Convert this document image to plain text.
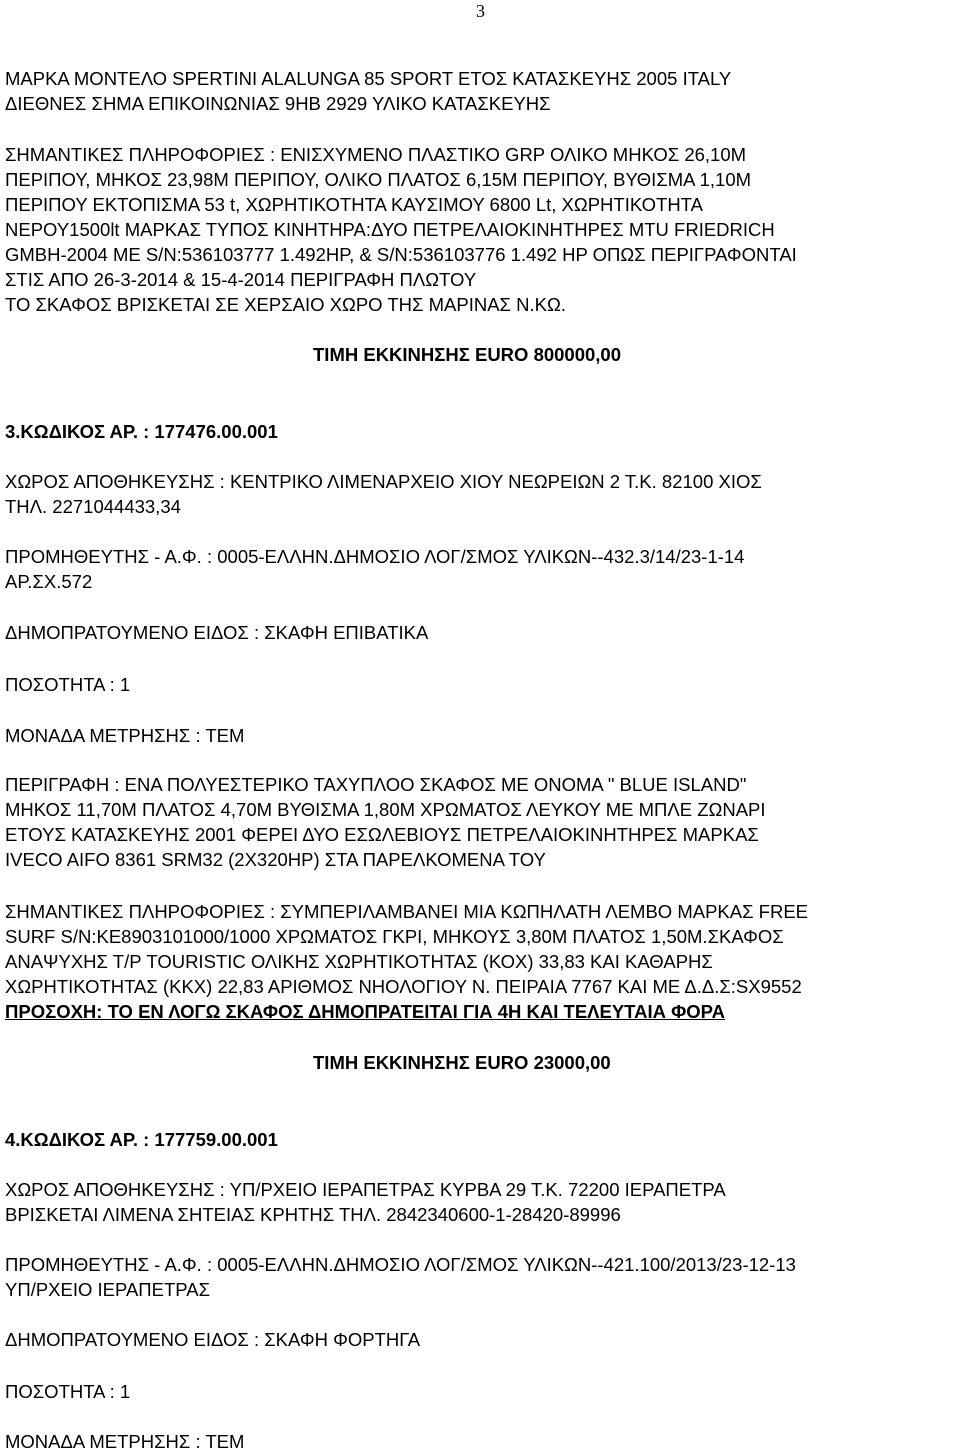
3

ΜΑΡΚΑ ΜΟΝΤΕΛΟ SPERTINI ALALUNGA 85 SPORT ΕΤΟΣ ΚΑΤΑΣΚΕΥΗΣ 2005 ITALY

ΔΙΕΘΝΕΣ ΣΗΜΑ ΕΠΙΚΟΙΝΩΝΙΑΣ 9ΗΒ 2929 ΥΛΙΚΟ ΚΑΤΑΣΚΕΥΗΣ

ΣΗΜΑΝΤΙΚΕΣ ΠΛΗΡΟΦΟΡΙΕΣ : ΕΝΙΣΧΥΜΕΝΟ ΠΛΑΣΤΙΚΟ GRP ΟΛΙΚΟ ΜΗΚΟΣ 26,10Μ

ΠΕΡΙΠΟΥ, ΜΗΚΟΣ 23,98Μ ΠΕΡΙΠΟΥ, ΟΛΙΚΟ ΠΛΑΤΟΣ 6,15Μ ΠΕΡΙΠΟΥ, ΒΥΘΙΣΜΑ 1,10Μ

ΠΕΡΙΠΟΥ ΕΚΤΟΠΙΣΜΑ 53 t, ΧΩΡΗΤΙΚΟΤΗΤΑ ΚΑΥΣΙΜΟΥ 6800 Lt, ΧΩΡΗΤΙΚΟΤΗΤΑ

ΝΕΡΟΥ1500lt ΜΑΡΚΑΣ ΤΥΠΟΣ ΚΙΝΗΤΗΡΑ:ΔΥΟ ΠΕΤΡΕΛΑΙΟΚΙΝΗΤΗΡΕΣ MTU FRIEDRICH

GMBH-2004 ΜΕ S/N:536103777 1.492HP, & S/N:536103776 1.492 HP ΟΠΩΣ ΠΕΡΙΓΡΑΦΟΝΤΑΙ

ΣΤΙΣ ΑΠΟ 26-3-2014 & 15-4-2014 ΠΕΡΙΓΡΑΦΗ ΠΛΩΤΟΥ

ΤΟ ΣΚΑΦΟΣ ΒΡΙΣΚΕΤΑΙ ΣΕ ΧΕΡΣΑΙΟ ΧΩΡΟ ΤΗΣ ΜΑΡΙΝΑΣ Ν.ΚΩ.

ΤΙΜΗ ΕΚΚΙΝΗΣΗΣ EURO 800000,00

3.ΚΩΔΙΚΟΣ ΑΡ. : 177476.00.001

ΧΩΡΟΣ ΑΠΟΘΗΚΕΥΣΗΣ : ΚΕΝΤΡΙΚΟ ΛΙΜΕΝΑΡΧΕΙΟ ΧΙΟΥ ΝΕΩΡΕΙΩΝ 2 Τ.Κ. 82100 ΧΙΟΣ

ΤΗΛ. 2271044433,34

ΠΡΟΜΗΘΕΥΤΗΣ - Α.Φ. : 0005-ΕΛΛΗΝ.ΔΗΜΟΣΙΟ ΛΟΓ/ΣΜΟΣ ΥΛΙΚΩΝ--432.3/14/23-1-14

ΑΡ.ΣΧ.572

ΔΗΜΟΠΡΑΤΟΥΜΕΝΟ ΕΙΔΟΣ : ΣΚΑΦΗ ΕΠΙΒΑΤΙΚΑ

ΠΟΣΟΤΗΤΑ : 1

ΜΟΝΑΔΑ ΜΕΤΡΗΣΗΣ : ΤΕΜ

ΠΕΡΙΓΡΑΦΗ : ΕΝΑ ΠΟΛΥΕΣΤΕΡΙΚΟ ΤΑΧΥΠΛΟΟ ΣΚΑΦΟΣ ΜΕ ΟΝΟΜΑ " BLUE ISLAND"

ΜΗΚΟΣ 11,70Μ ΠΛΑΤΟΣ 4,70Μ ΒΥΘΙΣΜΑ 1,80Μ ΧΡΩΜΑΤΟΣ ΛΕΥΚΟΥ ΜΕ ΜΠΛΕ ΖΩΝΑΡΙ

ΕΤΟΥΣ ΚΑΤΑΣΚΕΥΗΣ 2001 ΦΕΡΕΙ ΔΥΟ ΕΣΩΛΕΒΙΟΥΣ ΠΕΤΡΕΛΑΙΟΚΙΝΗΤΗΡΕΣ ΜΑΡΚΑΣ

IVECO AIFO 8361 SRM32 (2X320HP) ΣΤΑ ΠΑΡΕΛΚΟΜΕΝΑ ΤΟΥ

ΣΗΜΑΝΤΙΚΕΣ ΠΛΗΡΟΦΟΡΙΕΣ : ΣΥΜΠΕΡΙΛΑΜΒΑΝΕΙ ΜΙΑ ΚΩΠΗΛΑΤΗ ΛΕΜΒΟ ΜΑΡΚΑΣ FREE

SURF S/N:KE8903101000/1000 ΧΡΩΜΑΤΟΣ ΓΚΡΙ, ΜΗΚΟΥΣ 3,80Μ ΠΛΑΤΟΣ 1,50Μ.ΣΚΑΦΟΣ

ΑΝΑΨΥΧΗΣ Τ/Ρ TOURISTIC ΟΛΙΚΗΣ ΧΩΡΗΤΙΚΟΤΗΤΑΣ (ΚΟΧ) 33,83 ΚΑΙ ΚΑΘΑΡΗΣ

ΧΩΡΗΤΙΚΟΤΗΤΑΣ (ΚΚΧ) 22,83 ΑΡΙΘΜΟΣ ΝΗΟΛΟΓΙΟΥ Ν. ΠΕΙΡΑΙΑ 7767 ΚΑΙ ΜΕ Δ.Δ.Σ:SX9552

ΠΡΟΣΟΧΗ: ΤΟ ΕΝ ΛΟΓΩ ΣΚΑΦΟΣ ΔΗΜΟΠΡΑΤΕΙΤΑΙ ΓΙΑ 4Η ΚΑΙ ΤΕΛΕΥΤΑΙΑ ΦΟΡΑ

ΤΙΜΗ ΕΚΚΙΝΗΣΗΣ EURO 23000,00

4.ΚΩΔΙΚΟΣ ΑΡ. : 177759.00.001

ΧΩΡΟΣ ΑΠΟΘΗΚΕΥΣΗΣ : ΥΠ/ΡΧΕΙΟ ΙΕΡΑΠΕΤΡΑΣ ΚΥΡΒΑ 29 Τ.Κ. 72200 ΙΕΡΑΠΕΤΡΑ

ΒΡΙΣΚΕΤΑΙ ΛΙΜΕΝΑ ΣΗΤΕΙΑΣ ΚΡΗΤΗΣ ΤΗΛ. 2842340600-1-28420-89996

ΠΡΟΜΗΘΕΥΤΗΣ - Α.Φ. : 0005-ΕΛΛΗΝ.ΔΗΜΟΣΙΟ ΛΟΓ/ΣΜΟΣ ΥΛΙΚΩΝ--421.100/2013/23-12-13

ΥΠ/ΡΧΕΙΟ ΙΕΡΑΠΕΤΡΑΣ

ΔΗΜΟΠΡΑΤΟΥΜΕΝΟ ΕΙΔΟΣ : ΣΚΑΦΗ ΦΟΡΤΗΓΑ

ΠΟΣΟΤΗΤΑ : 1

ΜΟΝΑΔΑ ΜΕΤΡΗΣΗΣ : ΤΕΜ
